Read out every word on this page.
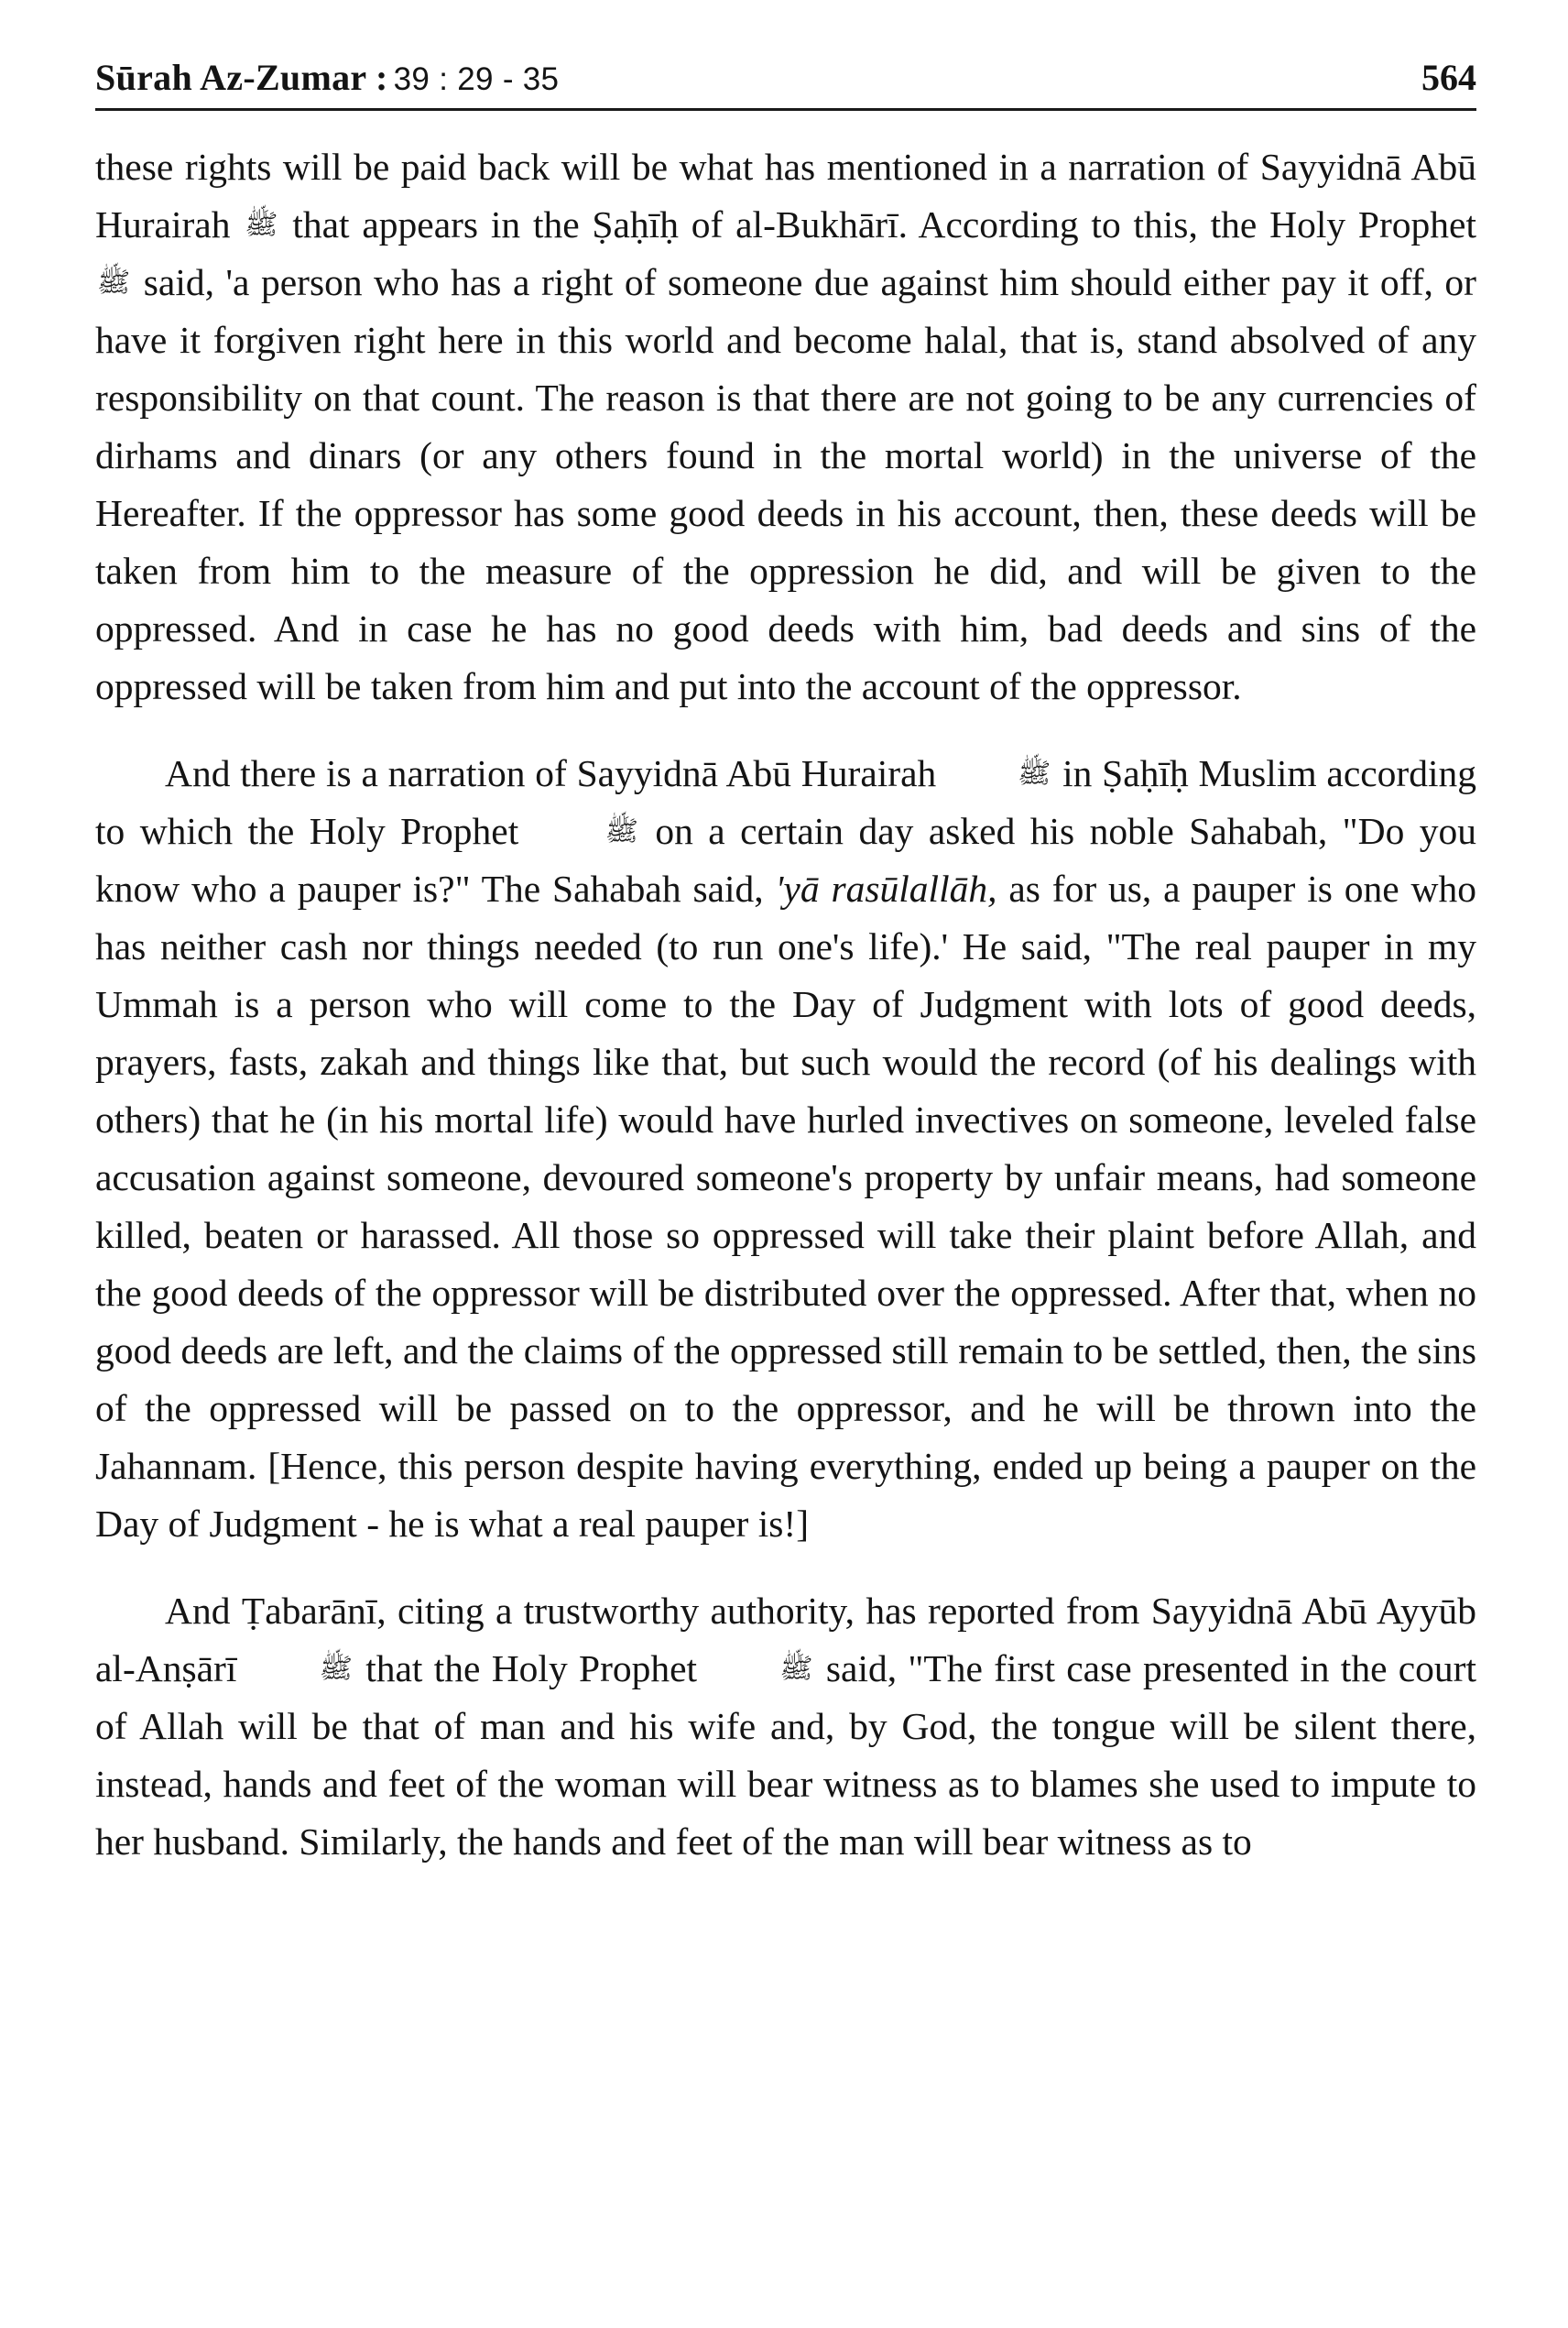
Sūrah Az-Zumar : 39 : 29 - 35	564

these rights will be paid back will be what has mentioned in a narration of Sayyidnā Abū Hurairah ﷺ that appears in the Ṣaḥīḥ of al-Bukhārī. According to this, the Holy Prophet ﷺ said, 'a person who has a right of someone due against him should either pay it off, or have it forgiven right here in this world and become halal, that is, stand absolved of any responsibility on that count. The reason is that there are not going to be any currencies of dirhams and dinars (or any others found in the mortal world) in the universe of the Hereafter. If the oppressor has some good deeds in his account, then, these deeds will be taken from him to the measure of the oppression he did, and will be given to the oppressed. And in case he has no good deeds with him, bad deeds and sins of the oppressed will be taken from him and put into the account of the oppressor.

And there is a narration of Sayyidnā Abū Hurairah	ﷺ in Ṣaḥīḥ Muslim according to which the Holy Prophet	ﷺ on a certain day asked his noble Sahabah, "Do you know who a pauper is?" The Sahabah said, 'yā rasūlallāh, as for us, a pauper is one who has neither cash nor things needed (to run one's life).' He said, "The real pauper in my Ummah is a person who will come to the Day of Judgment with lots of good deeds, prayers, fasts, zakah and things like that, but such would the record (of his dealings with others) that he (in his mortal life) would have hurled invectives on someone, leveled false accusation against someone, devoured someone's property by unfair means, had someone killed, beaten or harassed. All those so oppressed will take their plaint before Allah, and the good deeds of the oppressor will be distributed over the oppressed. After that, when no good deeds are left, and the claims of the oppressed still remain to be settled, then, the sins of the oppressed will be passed on to the oppressor, and he will be thrown into the Jahannam. [Hence, this person despite having everything, ended up being a pauper on the Day of Judgment - he is what a real pauper is!]

And Ṭabarānī, citing a trustworthy authority, has reported from Sayyidnā Abū Ayyūb al-Anṣārī	ﷺ that the Holy Prophet	ﷺ said, "The first case presented in the court of Allah will be that of man and his wife and, by God, the tongue will be silent there, instead, hands and feet of the woman will bear witness as to blames she used to impute to her husband. Similarly, the hands and feet of the man will bear witness as to
